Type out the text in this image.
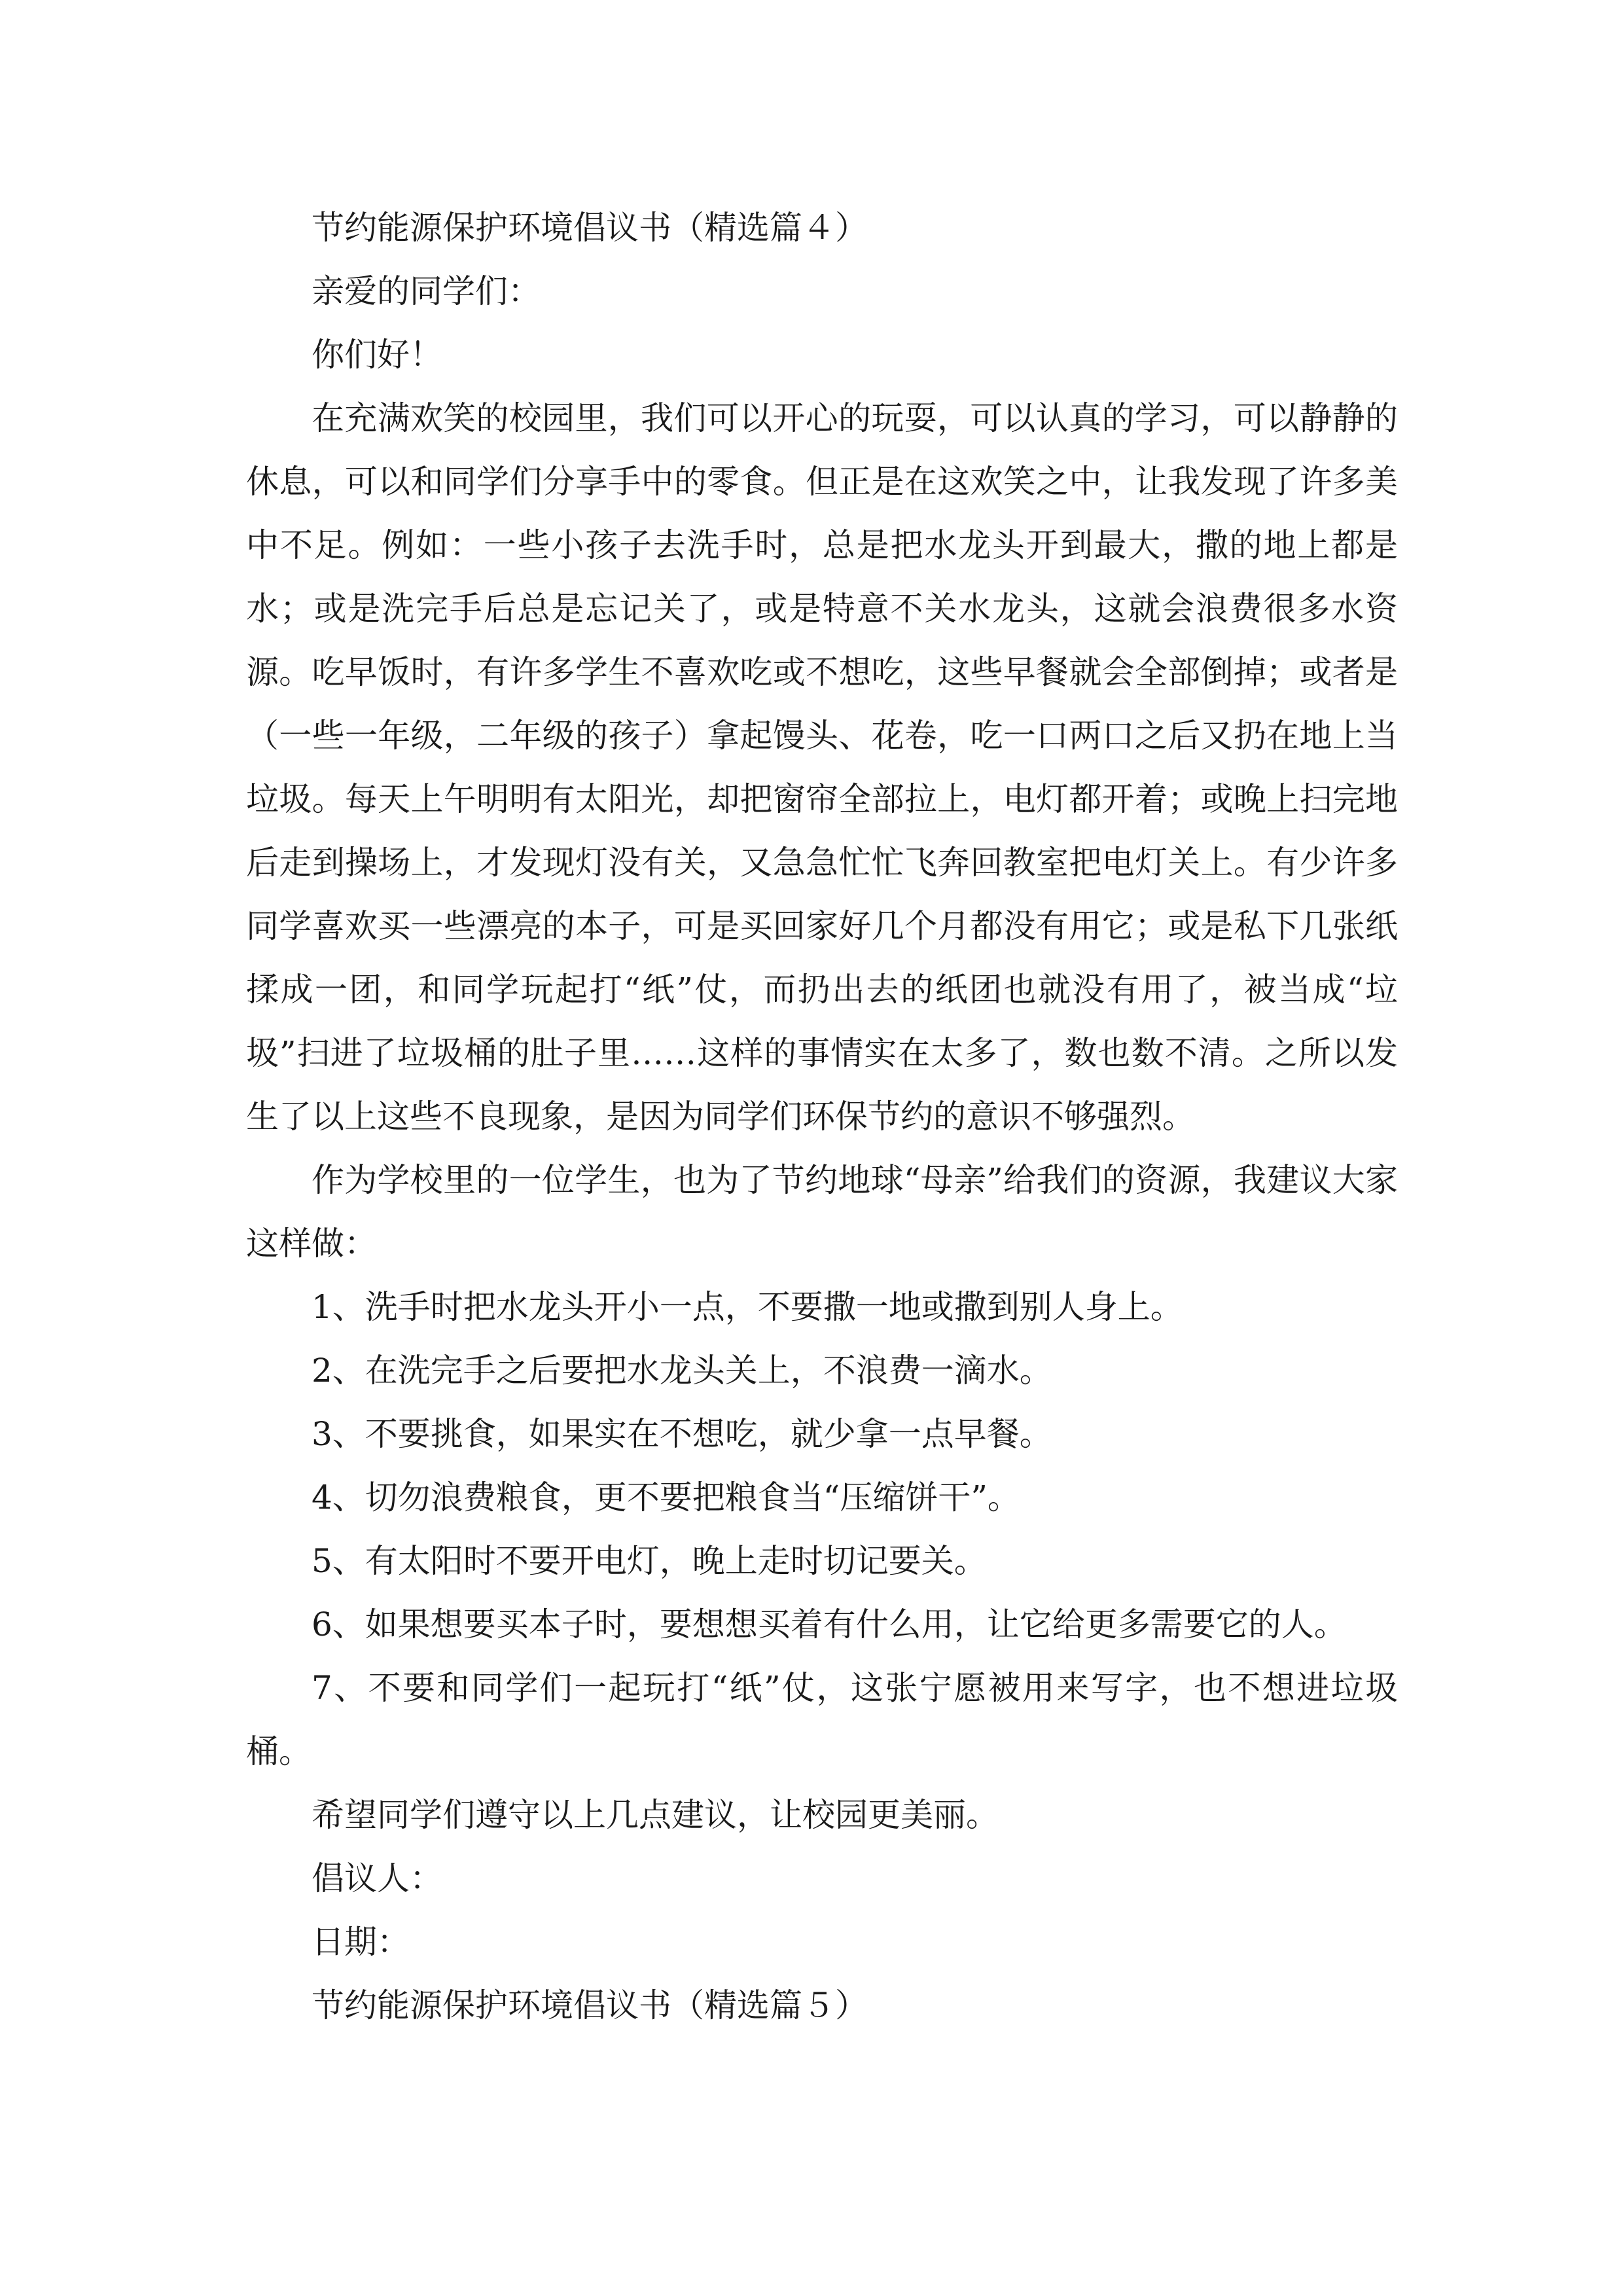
节约能源保护环境倡议书（精选篇４）

亲爱的同学们：

你们好！

在充满欢笑的校园里，我们可以开心的玩耍，可以认真的学习，可以静静的休息，可以和同学们分享手中的零食。但正是在这欢笑之中，让我发现了许多美中不足。例如：一些小孩子去洗手时，总是把水龙头开到最大，撒的地上都是水；或是洗完手后总是忘记关了，或是特意不关水龙头，这就会浪费很多水资源。吃早饭时，有许多学生不喜欢吃或不想吃，这些早餐就会全部倒掉；或者是（一些一年级，二年级的孩子）拿起馒头、花卷，吃一口两口之后又扔在地上当垃圾。每天上午明明有太阳光，却把窗帘全部拉上，电灯都开着；或晚上扫完地后走到操场上，才发现灯没有关，又急急忙忙飞奔回教室把电灯关上。有少许多同学喜欢买一些漂亮的本子，可是买回家好几个月都没有用它；或是私下几张纸揉成一团，和同学玩起打“纸”仗，而扔出去的纸团也就没有用了，被当成“垃圾”扫进了垃圾桶的肚子里……这样的事情实在太多了，数也数不清。之所以发生了以上这些不良现象，是因为同学们环保节约的意识不够强烈。

作为学校里的一位学生，也为了节约地球“母亲”给我们的资源，我建议大家这样做：

1、洗手时把水龙头开小一点，不要撒一地或撒到别人身上。

2、在洗完手之后要把水龙头关上，不浪费一滴水。

3、不要挑食，如果实在不想吃，就少拿一点早餐。

4、切勿浪费粮食，更不要把粮食当“压缩饼干”。

5、有太阳时不要开电灯，晚上走时切记要关。

6、如果想要买本子时，要想想买着有什么用，让它给更多需要它的人。

7、不要和同学们一起玩打“纸”仗，这张宁愿被用来写字，也不想进垃圾桶。

希望同学们遵守以上几点建议，让校园更美丽。

倡议人：

日期：

节约能源保护环境倡议书（精选篇５）
